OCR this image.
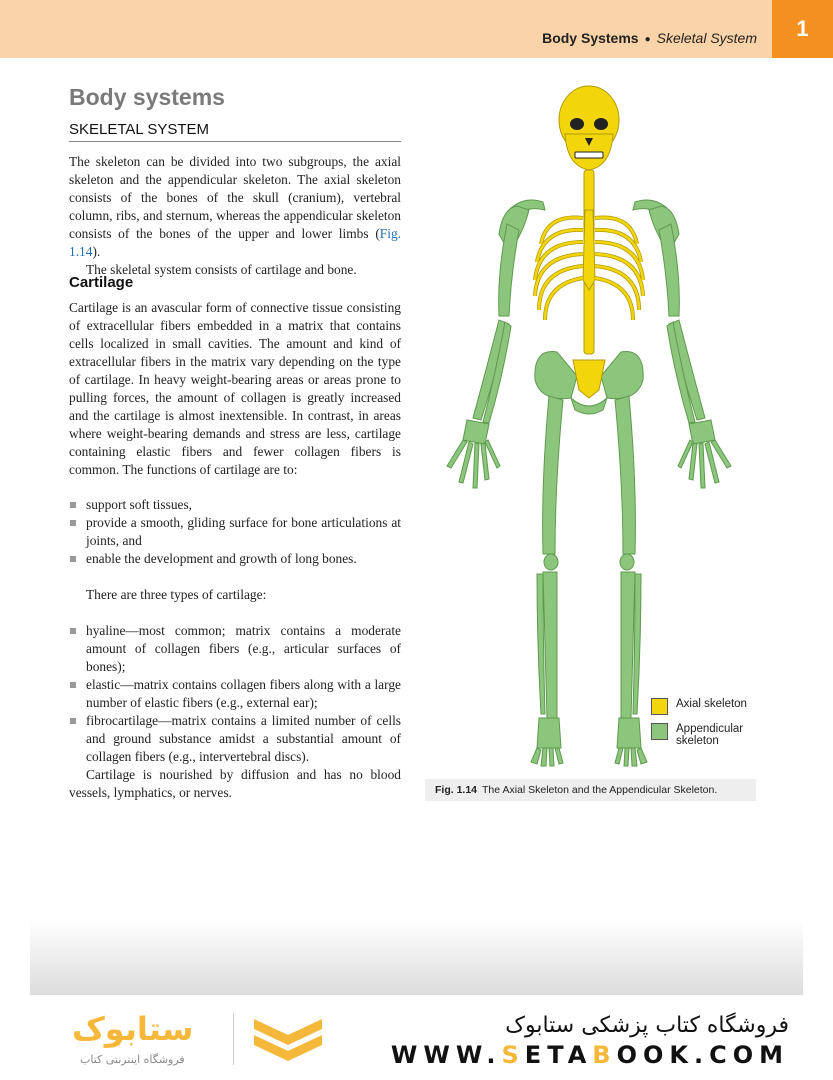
Body Systems ● Skeletal System	1
Body systems
SKELETAL SYSTEM

The skeleton can be divided into two subgroups, the axial skeleton and the appendicular skeleton. The axial skeleton consists of the bones of the skull (cranium), vertebral column, ribs, and sternum, whereas the appendicular skeleton consists of the bones of the upper and lower limbs (Fig. 1.14).

The skeletal system consists of cartilage and bone.

Cartilage

Cartilage is an avascular form of connective tissue consisting of extracellular fibers embedded in a matrix that contains cells localized in small cavities. The amount and kind of extracellular fibers in the matrix vary depending on the type of cartilage. In heavy weight-bearing areas or areas prone to pulling forces, the amount of collagen is greatly increased and the cartilage is almost inextensible. In contrast, in areas where weight-bearing demands and stress are less, cartilage containing elastic fibers and fewer collagen fibers is common. The functions of cartilage are to:

support soft tissues,
provide a smooth, gliding surface for bone articulations at joints, and
enable the development and growth of long bones.
There are three types of cartilage:
hyaline—most common; matrix contains a moderate amount of collagen fibers (e.g., articular surfaces of bones);
elastic—matrix contains collagen fibers along with a large number of elastic fibers (e.g., external ear);
fibrocartilage—matrix contains a limited number of cells and ground substance amidst a substantial amount of collagen fibers (e.g., intervertebral discs).
Cartilage is nourished by diffusion and has no blood vessels, lymphatics, or nerves.
Axial skeleton
Appendicular skeleton
Fig. 1.14 The Axial Skeleton and the Appendicular Skeleton.
ستابوک
فروشگاه اینترنتی کتاب
فروشگاه کتاب پزشکی ستابوک
WWW.SETABOOK.COM
